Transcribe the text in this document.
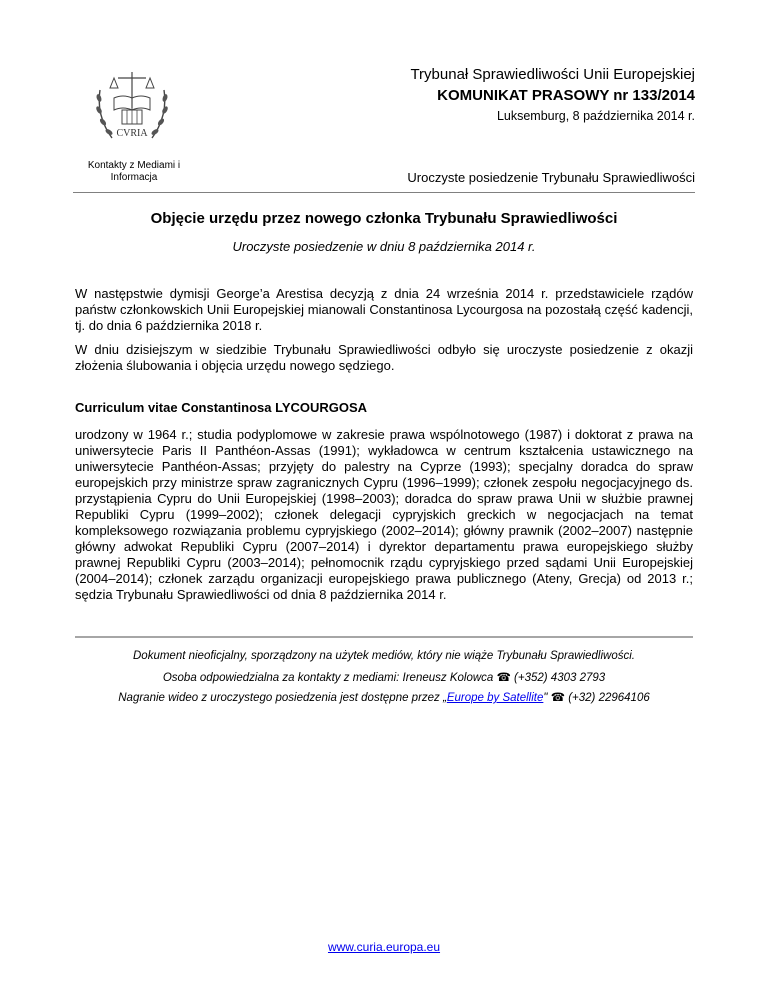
CVRIA
Kontakty z Mediami i Informacja
Trybunał Sprawiedliwości Unii Europejskiej
KOMUNIKAT PRASOWY nr 133/2014
Luksemburg, 8 października 2014 r.
Uroczyste posiedzenie Trybunału Sprawiedliwości
Objęcie urzędu przez nowego członka Trybunału Sprawiedliwości
Uroczyste posiedzenie w dniu 8 października 2014 r.
W następstwie dymisji George’a Arestisa decyzją z dnia 24 września 2014 r. przedstawiciele rządów państw członkowskich Unii Europejskiej mianowali Constantinosa Lycourgosa na pozostałą część kadencji, tj. do dnia 6 października 2018 r.
W dniu dzisiejszym w siedzibie Trybunału Sprawiedliwości odbyło się uroczyste posiedzenie z okazji złożenia ślubowania i objęcia urzędu nowego sędziego.
Curriculum vitae Constantinosa LYCOURGOSA
urodzony w 1964 r.; studia podyplomowe w zakresie prawa wspólnotowego (1987) i doktorat z prawa na uniwersytecie Paris II Panthéon-Assas (1991); wykładowca w centrum kształcenia ustawicznego na uniwersytecie Panthéon-Assas; przyjęty do palestry na Cyprze (1993); specjalny doradca do spraw europejskich przy ministrze spraw zagranicznych Cypru (1996–1999); członek zespołu negocjacyjnego ds. przystąpienia Cypru do Unii Europejskiej (1998–2003); doradca do spraw prawa Unii w służbie prawnej Republiki Cypru (1999–2002); członek delegacji cypryjskich greckich w negocjacjach na temat kompleksowego rozwiązania problemu cypryjskiego (2002–2014); główny prawnik (2002–2007) następnie główny adwokat Republiki Cypru (2007–2014) i dyrektor departamentu prawa europejskiego służby prawnej Republiki Cypru (2003–2014); pełnomocnik rządu cypryjskiego przed sądami Unii Europejskiej (2004–2014); członek zarządu organizacji europejskiego prawa publicznego (Ateny, Grecja) od 2013 r.; sędzia Trybunału Sprawiedliwości od dnia 8 października 2014 r.
Dokument nieoficjalny, sporządzony na użytek mediów, który nie wiąże Trybunału Sprawiedliwości.
Osoba odpowiedzialna za kontakty z mediami: Ireneusz Kolowca ☎ (+352) 4303 2793
Nagranie wideo z uroczystego posiedzenia jest dostępne przez „Europe by Satellite" ☎ (+32) 22964106
www.curia.europa.eu
